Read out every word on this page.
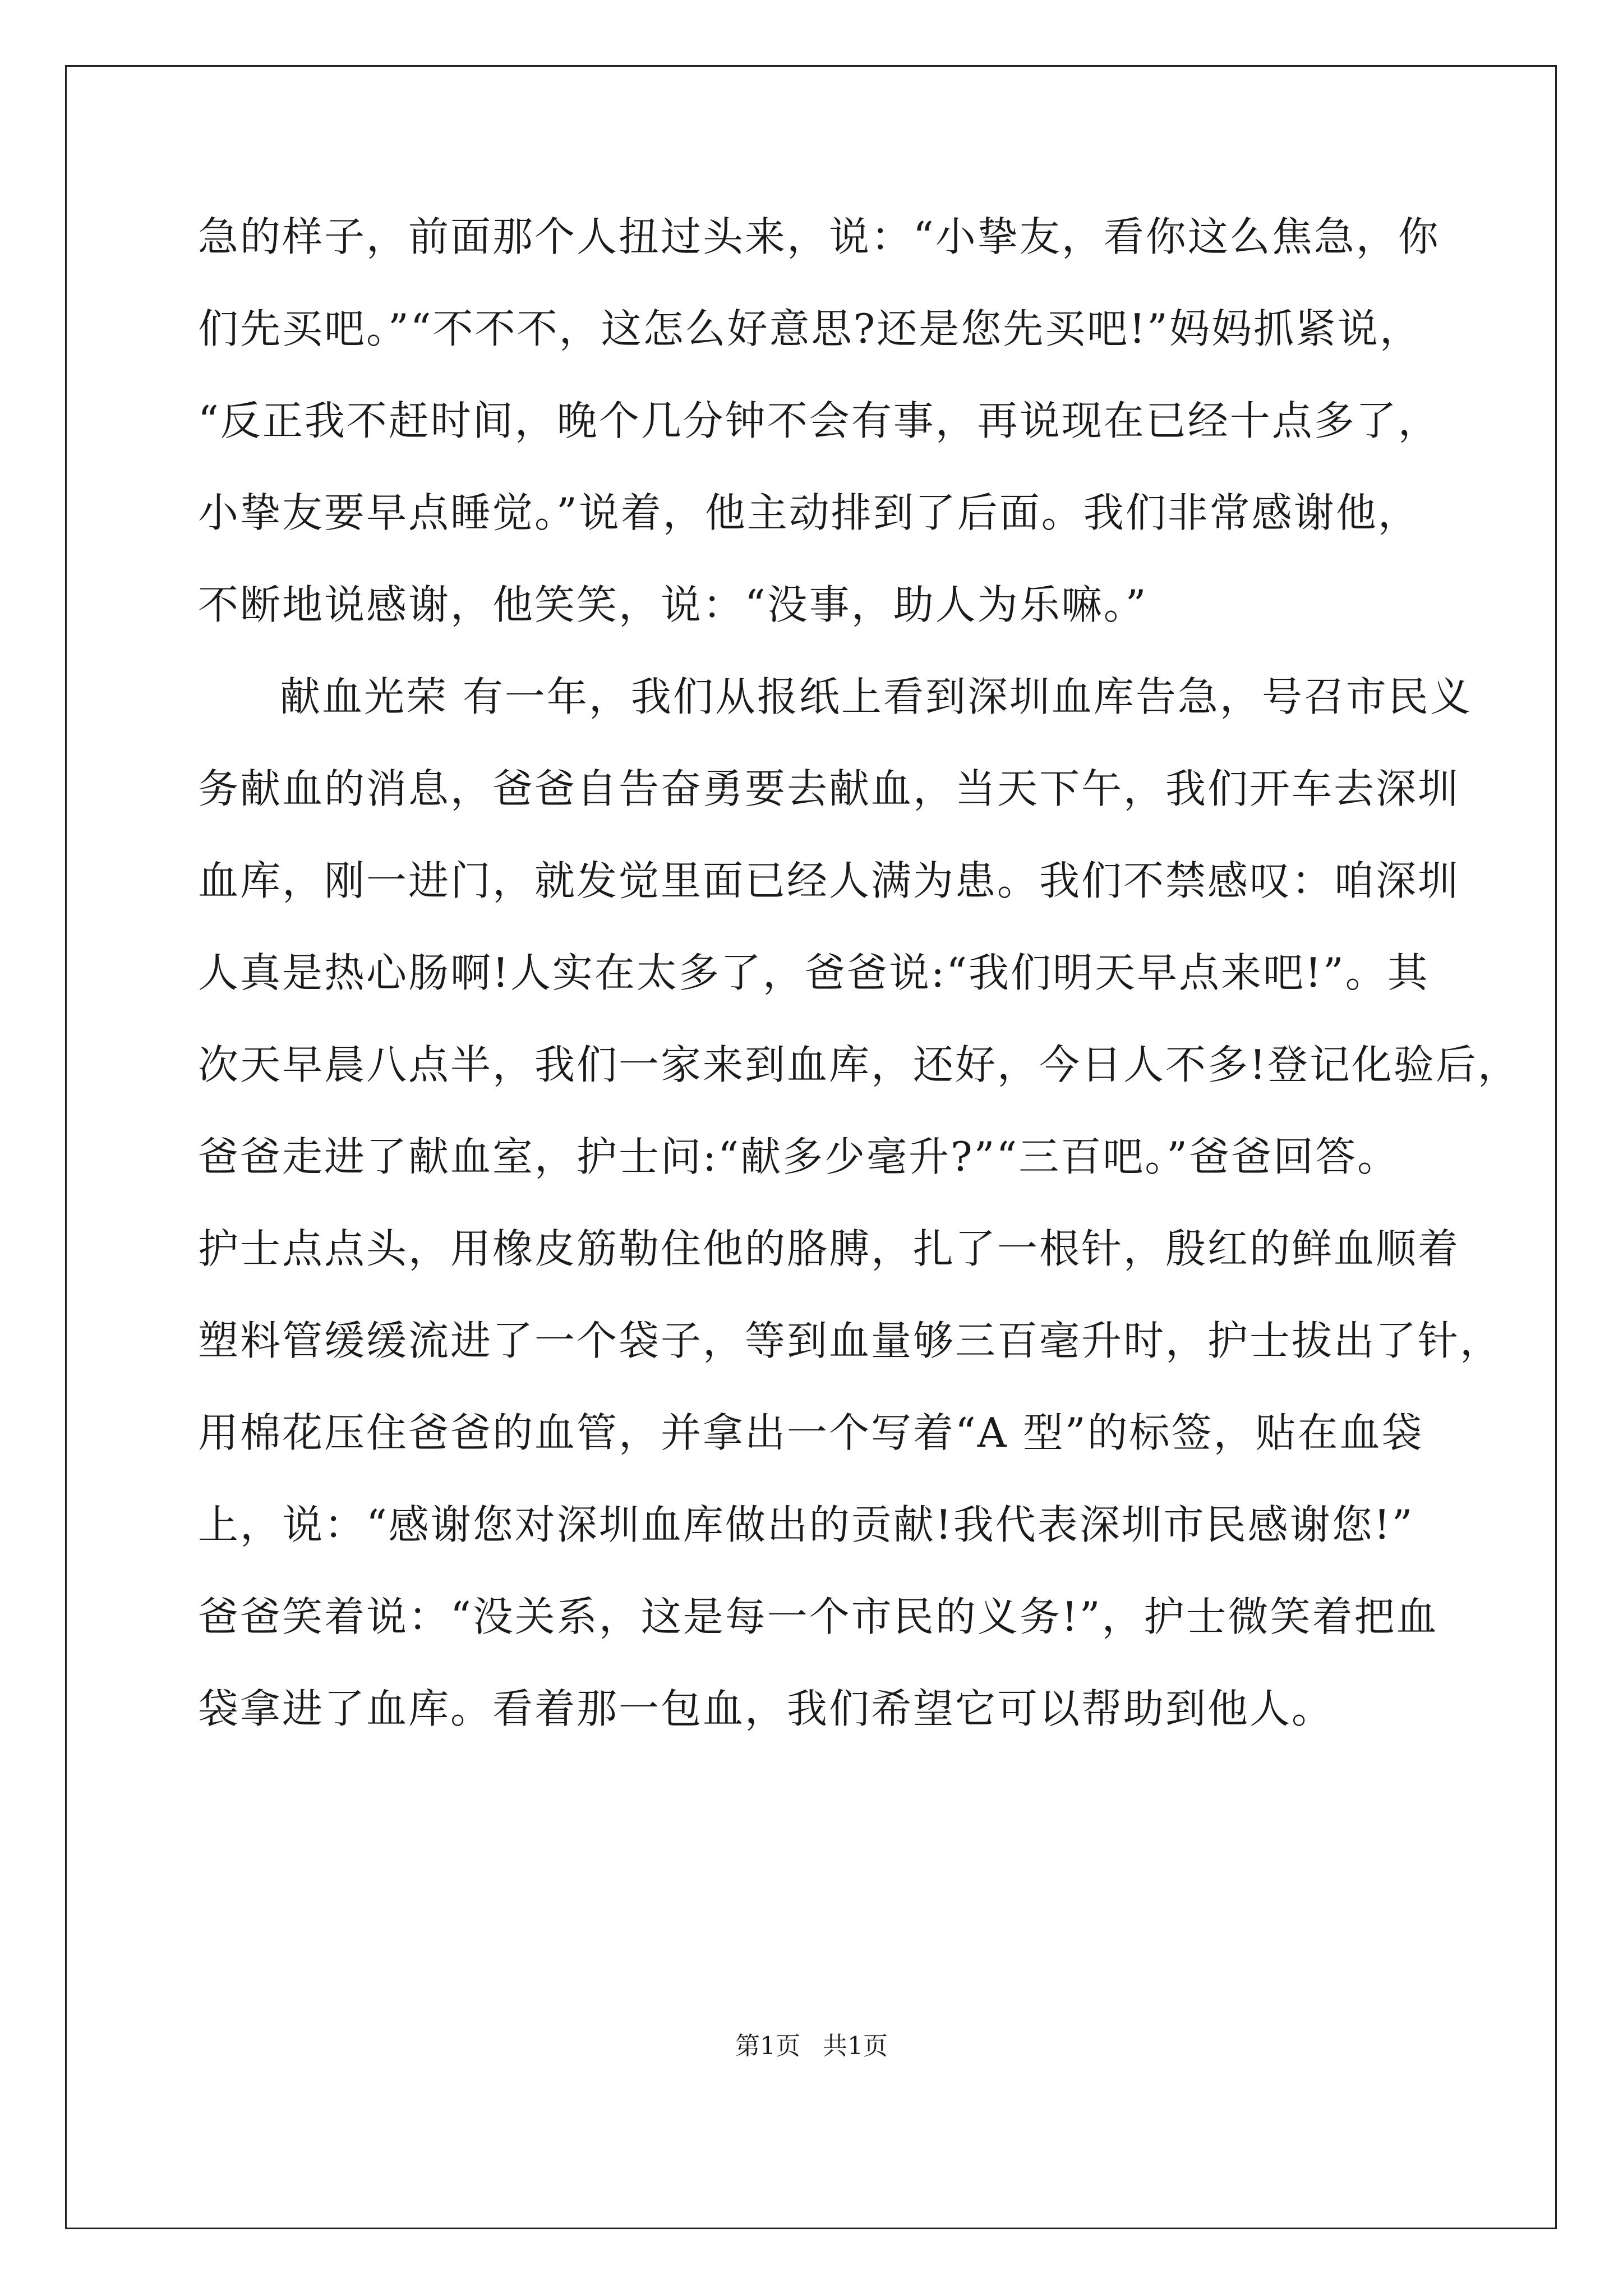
急的样子，前面那个人扭过头来，说：“小挚友，看你这么焦急，你
们先买吧。”“不不不，这怎么好意思?还是您先买吧!”妈妈抓紧说，
“反正我不赶时间，晚个几分钟不会有事，再说现在已经十点多了，
小挚友要早点睡觉。”说着，他主动排到了后面。我们非常感谢他，
不断地说感谢，他笑笑，说：“没事，助人为乐嘛。”
献血光荣 有一年，我们从报纸上看到深圳血库告急，号召市民义
务献血的消息，爸爸自告奋勇要去献血，当天下午，我们开车去深圳
血库，刚一进门，就发觉里面已经人满为患。我们不禁感叹：咱深圳
人真是热心肠啊!人实在太多了，爸爸说:“我们明天早点来吧!”。其
次天早晨八点半，我们一家来到血库，还好，今日人不多!登记化验后，
爸爸走进了献血室，护士问:“献多少毫升?”“三百吧。”爸爸回答。
护士点点头，用橡皮筋勒住他的胳膊，扎了一根针，殷红的鲜血顺着
塑料管缓缓流进了一个袋子，等到血量够三百毫升时，护士拔出了针，
用棉花压住爸爸的血管，并拿出一个写着“A 型”的标签，贴在血袋
上，说：“感谢您对深圳血库做出的贡献!我代表深圳市民感谢您!”
爸爸笑着说：“没关系，这是每一个市民的义务!”，护士微笑着把血
袋拿进了血库。看着那一包血，我们希望它可以帮助到他人。
第1页 共1页
